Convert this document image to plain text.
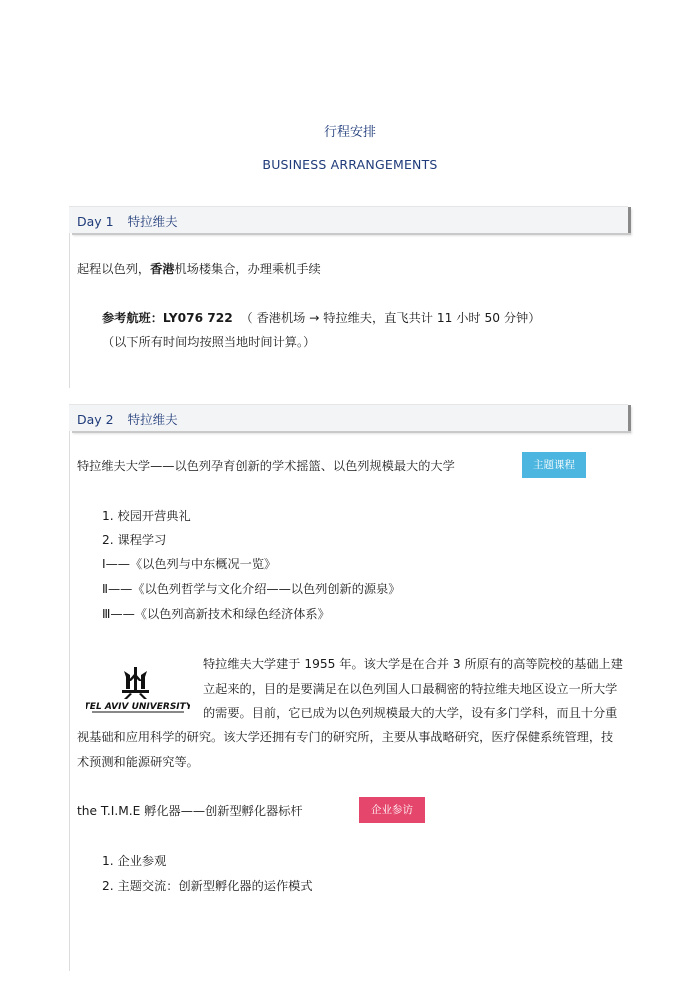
行程安排
BUSINESS ARRANGEMENTS
Day 1 特拉维夫
起程以色列，香港机场楼集合，办理乘机手续
参考航班：LY076 722 （ 香港机场 → 特拉维夫，直飞共计 11 小时 50 分钟）
（以下所有时间均按照当地时间计算。）
Day 2 特拉维夫
特拉维夫大学——以色列孕育创新的学术摇篮、以色列规模最大的大学	主题课程
1. 校园开营典礼
2. 课程学习
Ⅰ——《以色列与中东概况一览》
Ⅱ——《以色列哲学与文化介绍——以色列创新的源泉》
Ⅲ——《以色列高新技术和绿色经济体系》
TEL AVIV UNIVERSITY
特拉维夫大学建于 1955 年。该大学是在合并 3 所原有的高等院校的基础上建
立起来的，目的是要满足在以色列国人口最稠密的特拉维夫地区设立一所大学
的需要。目前，它已成为以色列规模最大的大学，设有多门学科，而且十分重
视基础和应用科学的研究。该大学还拥有专门的研究所，主要从事战略研究，医疗保健系统管理，技
术预测和能源研究等。
the T.I.M.E 孵化器——创新型孵化器标杆	企业参访
1. 企业参观
2. 主题交流：创新型孵化器的运作模式
